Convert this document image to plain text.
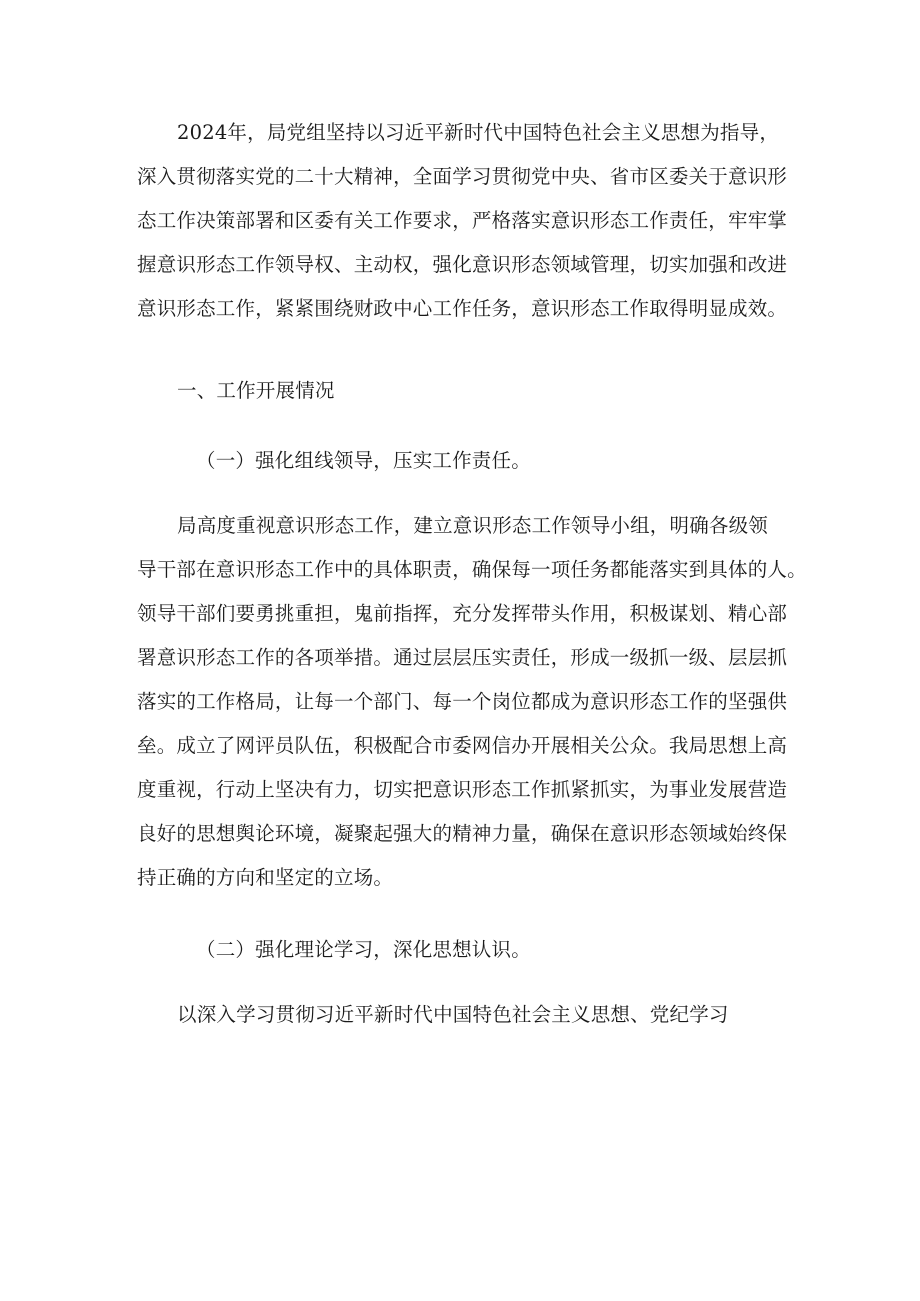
2024年，局党组坚持以习近平新时代中国特色社会主义思想为指导，
深入贯彻落实党的二十大精神，全面学习贯彻党中央、省市区委关于意识形
态工作决策部署和区委有关工作要求，严格落实意识形态工作责任，牢牢掌
握意识形态工作领导权、主动权，强化意识形态领域管理，切实加强和改进
意识形态工作，紧紧围绕财政中心工作任务，意识形态工作取得明显成效。
一、工作开展情况
（一）强化组线领导，压实工作责任。
局高度重视意识形态工作，建立意识形态工作领导小组，明确各级领
导干部在意识形态工作中的具体职责，确保每一项任务都能落实到具体的人。
领导干部们要勇挑重担，鬼前指挥，充分发挥带头作用，积极谋划、精心部
署意识形态工作的各项举措。通过层层压实责任，形成一级抓一级、层层抓
落实的工作格局，让每一个部门、每一个岗位都成为意识形态工作的坚强供
垒。成立了网评员队伍，积极配合市委网信办开展相关公众。我局思想上高
度重视，行动上坚决有力，切实把意识形态工作抓紧抓实，为事业发展营造
良好的思想舆论环境，凝聚起强大的精神力量，确保在意识形态领域始终保
持正确的方向和坚定的立场。
（二）强化理论学习，深化思想认识。
以深入学习贯彻习近平新时代中国特色社会主义思想、党纪学习
